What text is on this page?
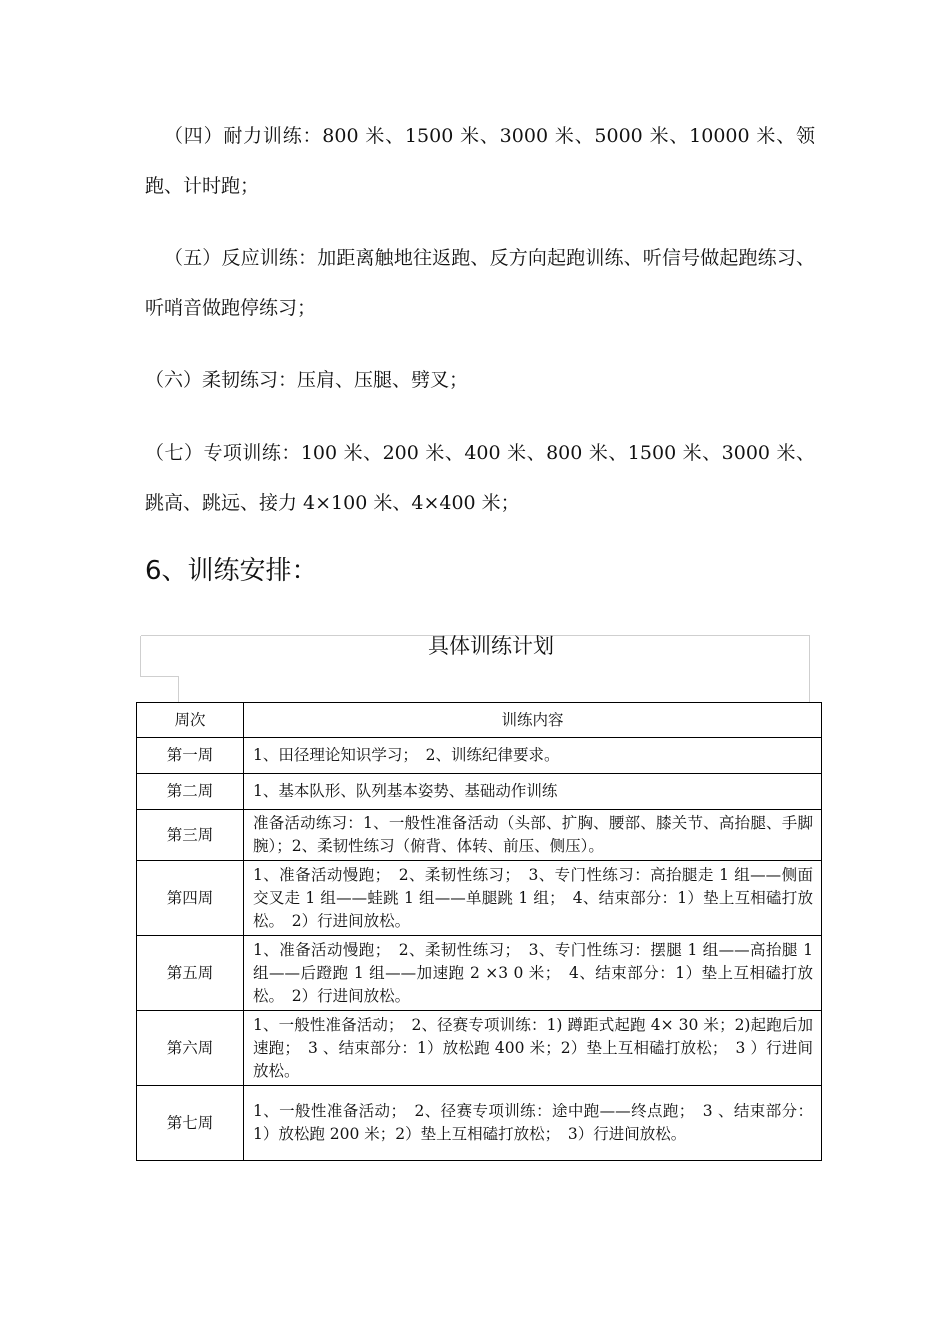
（四）耐力训练：800 米、1500 米、3000 米、5000 米、10000 米、领跑、计时跑；

（五）反应训练：加距离触地往返跑、反方向起跑训练、听信号做起跑练习、听哨音做跑停练习；

（六）柔韧练习：压肩、压腿、劈叉；

（七）专项训练：100 米、200 米、400 米、800 米、1500 米、3000 米、跳高、跳远、接力 4×100 米、4×400 米；

6、训练安排：

具体训练计划

周次	训练内容
第一周	1、田径理论知识学习；　2、训练纪律要求。
第二周	1、基本队形、队列基本姿势、基础动作训练
第三周	准备活动练习：1、一般性准备活动（头部、扩胸、腰部、膝关节、高抬腿、手脚腕）；2、柔韧性练习（俯背、体转、前压、侧压）。
第四周	1、准备活动慢跑；　2、柔韧性练习；　3、专门性练习：高抬腿走 1 组——侧面交叉走 1 组——蛙跳 1 组——单腿跳 1 组；　4、结束部分：1）垫上互相磕打放松。　2）行进间放松。
第五周	1、准备活动慢跑；　2、柔韧性练习；　3、专门性练习：摆腿 1 组——高抬腿 1 组——后蹬跑 1 组——加速跑 2 ×3 0 米；　4、结束部分：1）垫上互相磕打放松。　2）行进间放松。
第六周	1、一般性准备活动；　2、径赛专项训练：1) 蹲距式起跑 4× 30 米；2)起跑后加速跑；　3 、结束部分：1）放松跑 400 米；2）垫上互相磕打放松；　3 ）行进间放松。
第七周	1、一般性准备活动；　2、径赛专项训练：途中跑——终点跑；　3 、结束部分：1）放松跑 200 米；2）垫上互相磕打放松；　3）行进间放松。
